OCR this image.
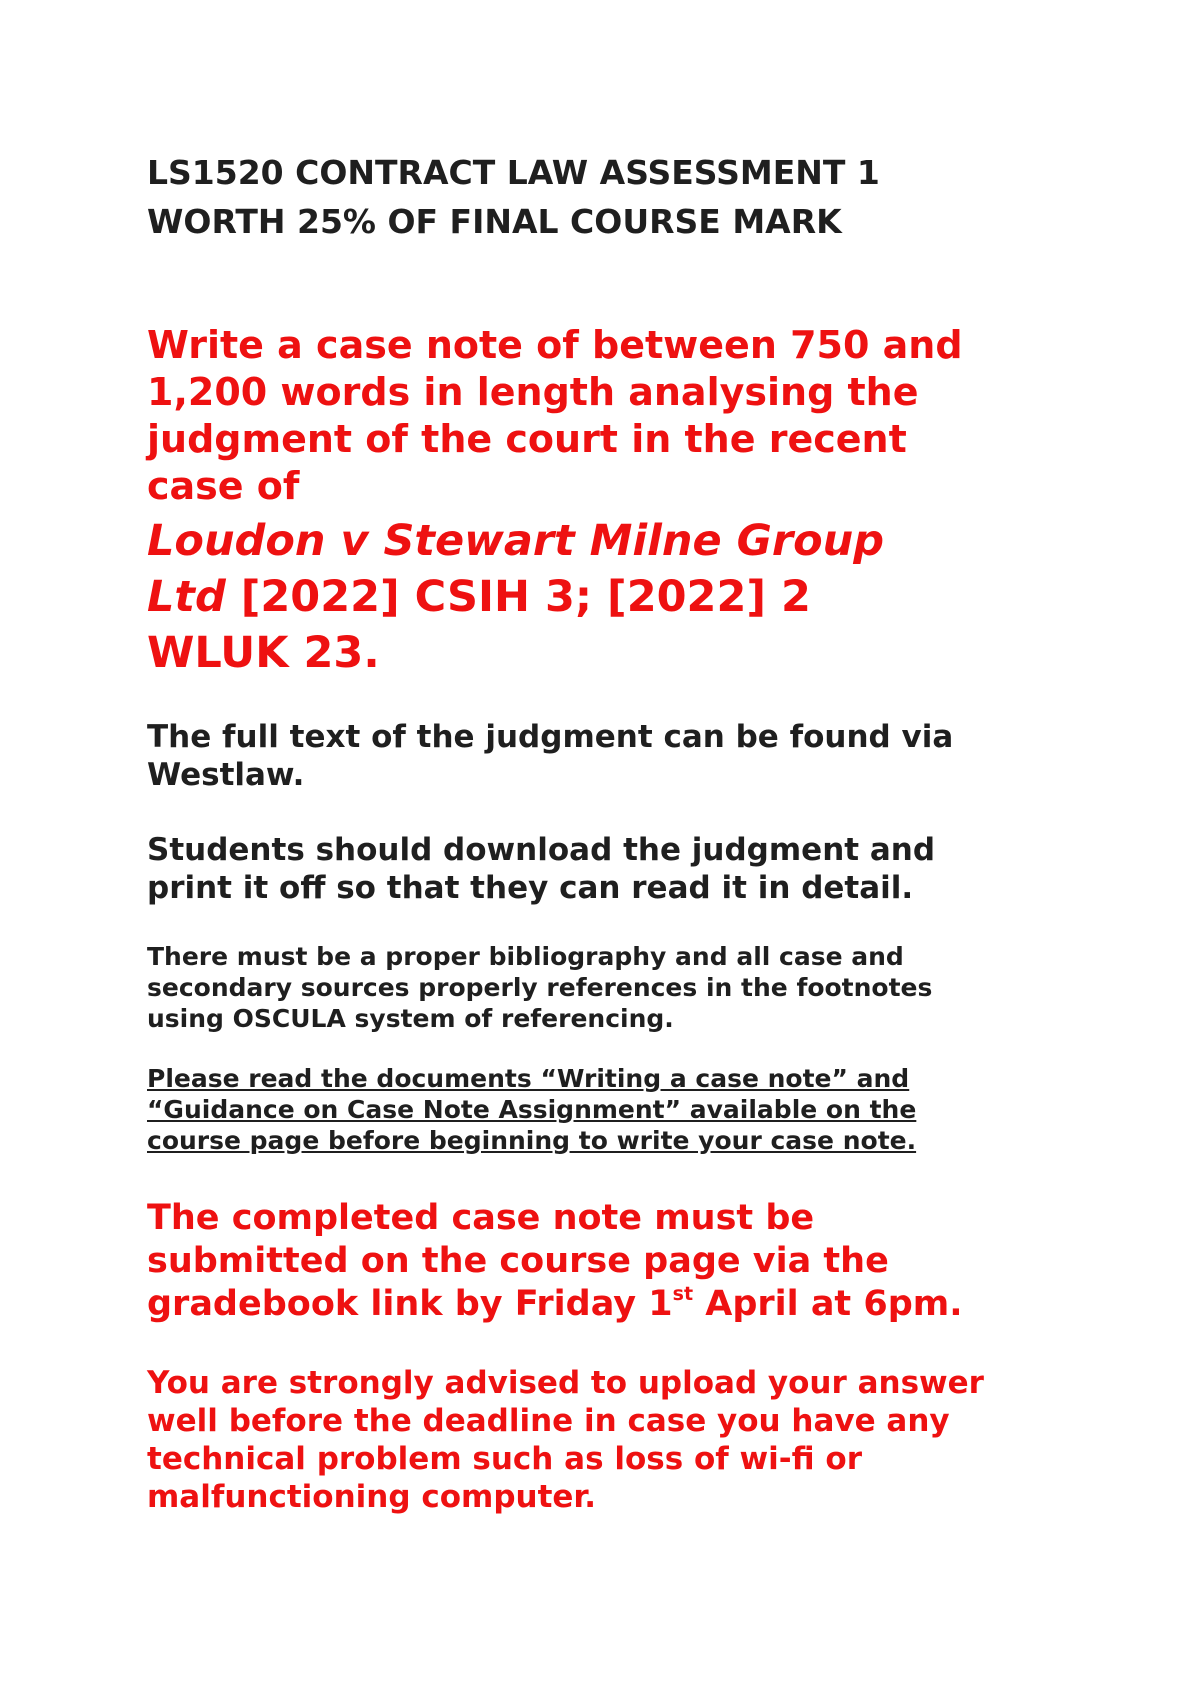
LS1520 CONTRACT LAW ASSESSMENT 1
WORTH 25% OF FINAL COURSE MARK

Write a case note of between 750 and
1,200 words in length analysing the
judgment of the court in the recent
case of

Loudon v Stewart Milne Group
Ltd [2022] CSIH 3; [2022] 2
WLUK 23.

The full text of the judgment can be found via
Westlaw.

Students should download the judgment and
print it off so that they can read it in detail.

There must be a proper bibliography and all case and
secondary sources properly references in the footnotes
using OSCULA system of referencing.

Please read the documents “Writing a case note” and
“Guidance on Case Note Assignment” available on the
course page before beginning to write your case note.

The completed case note must be
submitted on the course page via the
gradebook link by Friday 1st April at 6pm.

You are strongly advised to upload your answer
well before the deadline in case you have any
technical problem such as loss of wi-fi or
malfunctioning computer.
